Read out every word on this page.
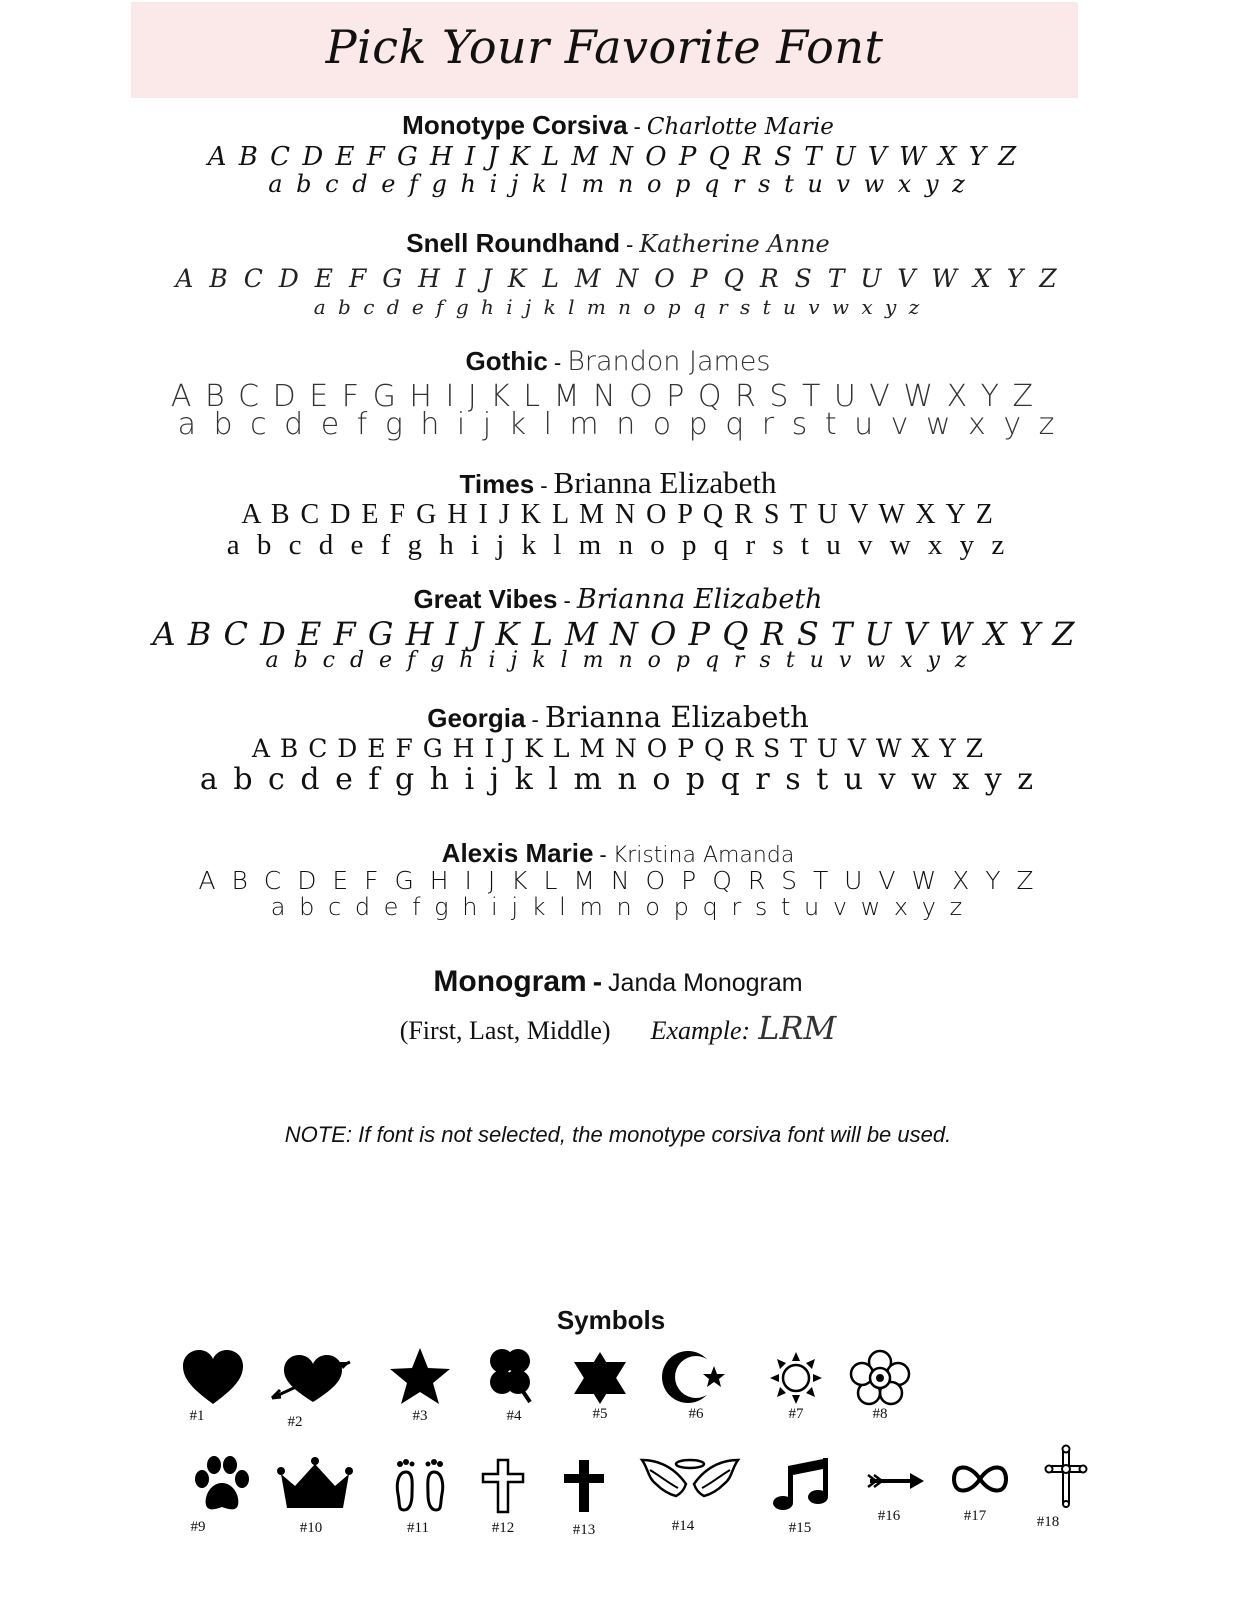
Pick Your Favorite Font
Monotype Corsiva - Charlotte Marie
A B C D E F G H I J K L M N O P Q R S T U V W X Y Z
a b c d e f g h i j k l m n o p q r s t u v w x y z
Snell Roundhand - Katherine Anne
A B C D E F G H I J K L M N O P Q R S T U V W X Y Z
a b c d e f g h i j k l m n o p q r s t u v w x y z
Gothic - Brandon James
A B C D E F G H I J K L M N O P Q R S T U V W X Y Z
a b c d e f g h i j k l m n o p q r s t u v w x y z
Times - Brianna Elizabeth
A B C D E F G H I J K L M N O P Q R S T U V W X Y Z
a b c d e f g h i j k l m n o p q r s t u v w x y z
Great Vibes - Brianna Elizabeth
A B C D E F G H I J K L M N O P Q R S T U V W X Y Z
a b c d e f g h i j k l m n o p q r s t u v w x y z
Georgia - Brianna Elizabeth
A B C D E F G H I J K L M N O P Q R S T U V W X Y Z
a b c d e f g h i j k l m n o p q r s t u v w x y z
Alexis Marie - Kristina Amanda
A B C D E F G H I J K L M N O P Q R S T U V W X Y Z
a b c d e f g h i j k l m n o p q r s t u v w x y z
Monogram - Janda Monogram
(First, Last, Middle) Example: LRM
NOTE: If font is not selected, the monotype corsiva font will be used.
Symbols
#1	#2	#3	#4	#5	#6	#7	#8
#9	#10	#11	#12	#13	#14	#15
#16	#17	#18
